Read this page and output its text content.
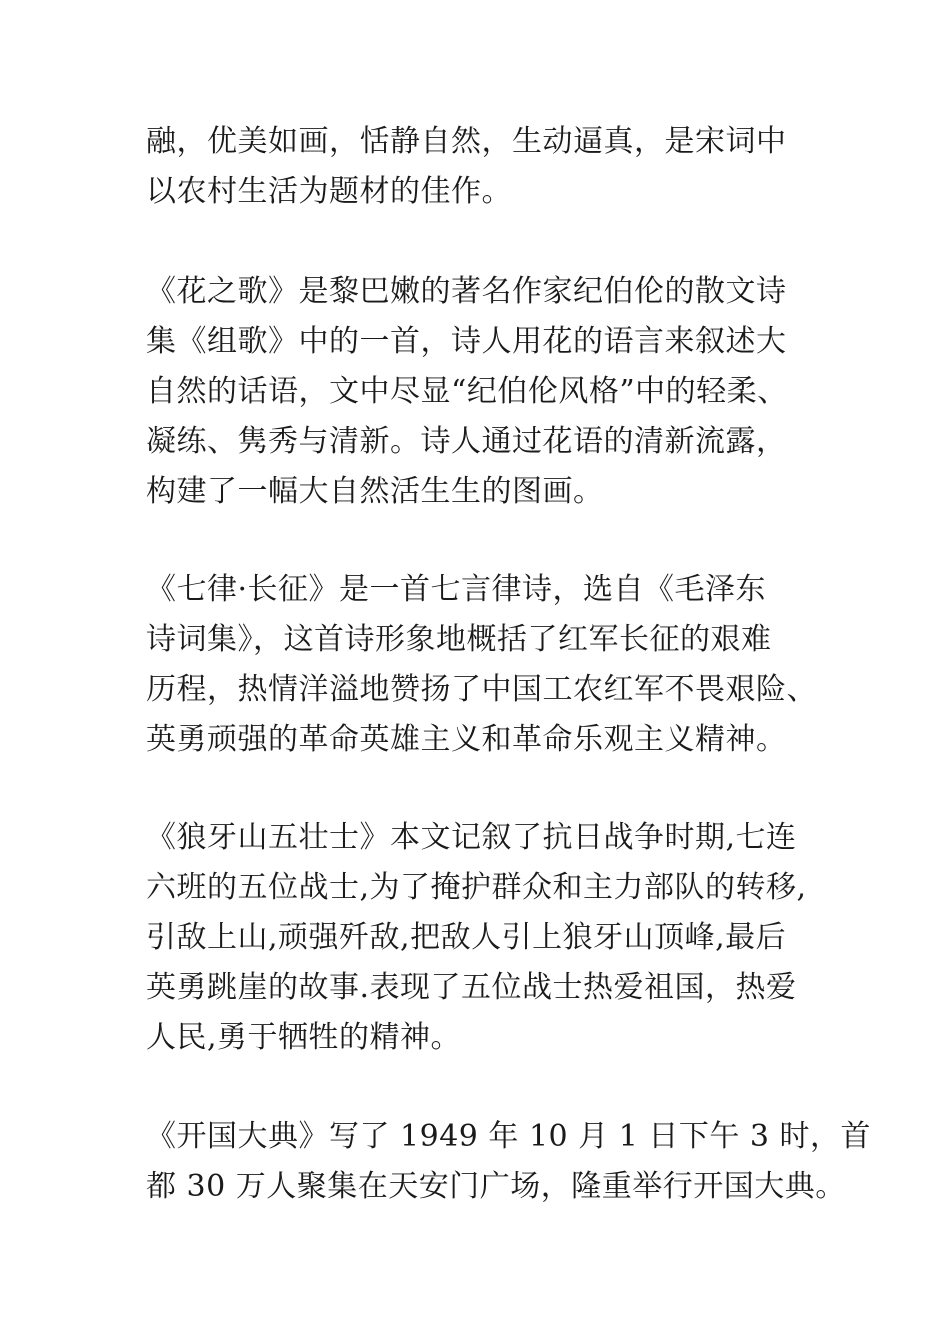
融，优美如画，恬静自然，生动逼真，是宋词中

以农村生活为题材的佳作。

《花之歌》是黎巴嫩的著名作家纪伯伦的散文诗

集《组歌》中的一首，诗人用花的语言来叙述大

自然的话语，文中尽显“纪伯伦风格”中的轻柔、

凝练、隽秀与清新。诗人通过花语的清新流露，

构建了一幅大自然活生生的图画。

《七律·长征》是一首七言律诗，选自《毛泽东

诗词集》，这首诗形象地概括了红军长征的艰难

历程，热情洋溢地赞扬了中国工农红军不畏艰险、

英勇顽强的革命英雄主义和革命乐观主义精神。

《狼牙山五壮士》本文记叙了抗日战争时期,七连

六班的五位战士,为了掩护群众和主力部队的转移,

引敌上山,顽强歼敌,把敌人引上狼牙山顶峰,最后

英勇跳崖的故事.表现了五位战士热爱祖国，热爱

人民,勇于牺牲的精神。

《开国大典》写了 1949 年 10 月 1 日下午 3 时，首

都 30 万人聚集在天安门广场，隆重举行开国大典。
